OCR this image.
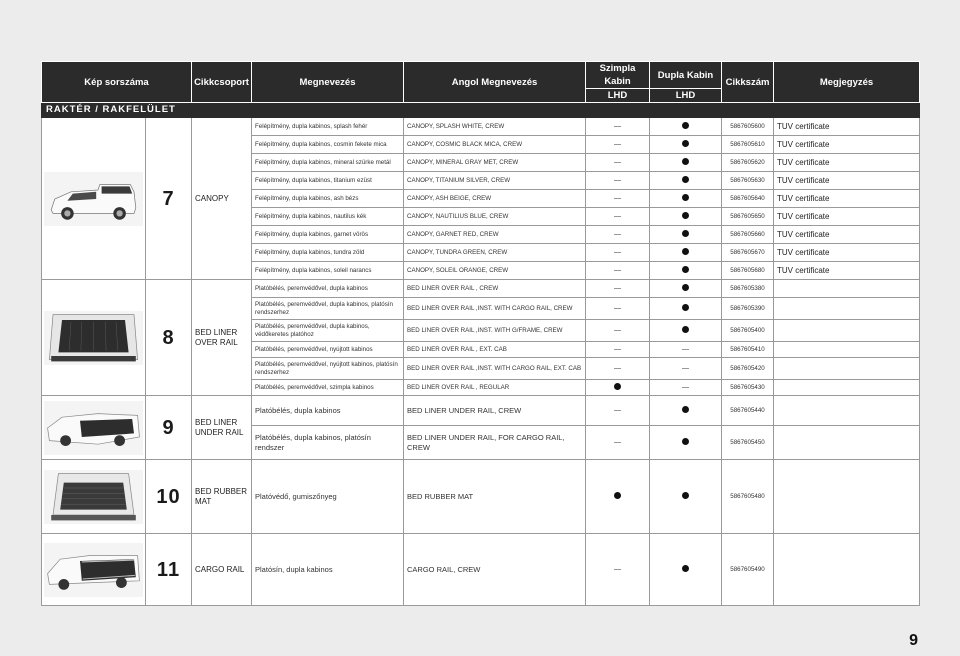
Kép sorszáma		Cikkcsoport	Megnevezés	Angol Megnevezés	Szimpla Kabin	Dupla Kabin	Cikkszám	Megjegyzés
					LHD	LHD		
RAKTÉR / RAKFELÜLET								

7	CANOPY	Felépítmény, dupla kabinos, splash fehér	CANOPY, SPLASH WHITE, CREW	—		5867605600	TUV certificate
			Felépítmény, dupla kabinos, cosmin fekete mica	CANOPY, COSMIC BLACK MICA, CREW	—		5867605610	TUV certificate
			Felépítmény, dupla kabinos, mineral szürke metál	CANOPY, MINERAL GRAY MET, CREW	—		5867605620	TUV certificate
			Felépítmény, dupla kabinos, titanium ezüst	CANOPY, TITANIUM SILVER, CREW	—		5867605630	TUV certificate
			Felépítmény, dupla kabinos, ash bézs	CANOPY, ASH BEIGE, CREW	—		5867605640	TUV certificate
			Felépítmény, dupla kabinos, nautilus kék	CANOPY, NAUTILIUS BLUE, CREW	—		5867605650	TUV certificate
			Felépítmény, dupla kabinos, garnet vörös	CANOPY, GARNET RED, CREW	—		5867605660	TUV certificate
			Felépítmény, dupla kabinos, tundra zöld	CANOPY, TUNDRA GREEN, CREW	—		5867605670	TUV certificate
			Felépítmény, dupla kabinos, soleil narancs	CANOPY, SOLEIL ORANGE, CREW	—		5867605680	TUV certificate

8	BED LINER OVER RAIL	Platóbélés, peremvédővel, dupla kabinos	BED LINER OVER RAIL , CREW	—		5867605380	
			Platóbélés, peremvédővel, dupla kabinos, platósín rendszerhez	BED LINER OVER RAIL ,INST. WITH CARGO RAIL, CREW	—		5867605390	
			Platóbélés, peremvédővel, dupla kabinos, védőkeretes platóhoz	BED LINER OVER RAIL ,INST. WITH G/FRAME, CREW	—		5867605400	
			Platóbélés, peremvédővel, nyújtott kabinos	BED LINER OVER RAIL , EXT. CAB	—	—	5867605410	
			Platóbélés, peremvédővel, nyújtott kabinos, platósín rendszerhez	BED LINER OVER RAIL ,INST. WITH CARGO RAIL, EXT. CAB	—	—	5867605420	
			Platóbélés, peremvédővel, szimpla kabinos	BED LINER OVER RAIL , REGULAR		—	5867605430	

9	BED LINER UNDER RAIL	Platóbélés, dupla kabinos	BED LINER UNDER RAIL, CREW	—		5867605440	
			Platóbélés, dupla kabinos, platósín rendszer	BED LINER UNDER RAIL, FOR CARGO RAIL, CREW	—		5867605450	

10	BED RUBBER MAT	Platóvédő, gumiszőnyeg	BED RUBBER MAT			5867605480	

11	CARGO RAIL	Platósín, dupla kabinos	CARGO RAIL, CREW	—		5867605490	
9
